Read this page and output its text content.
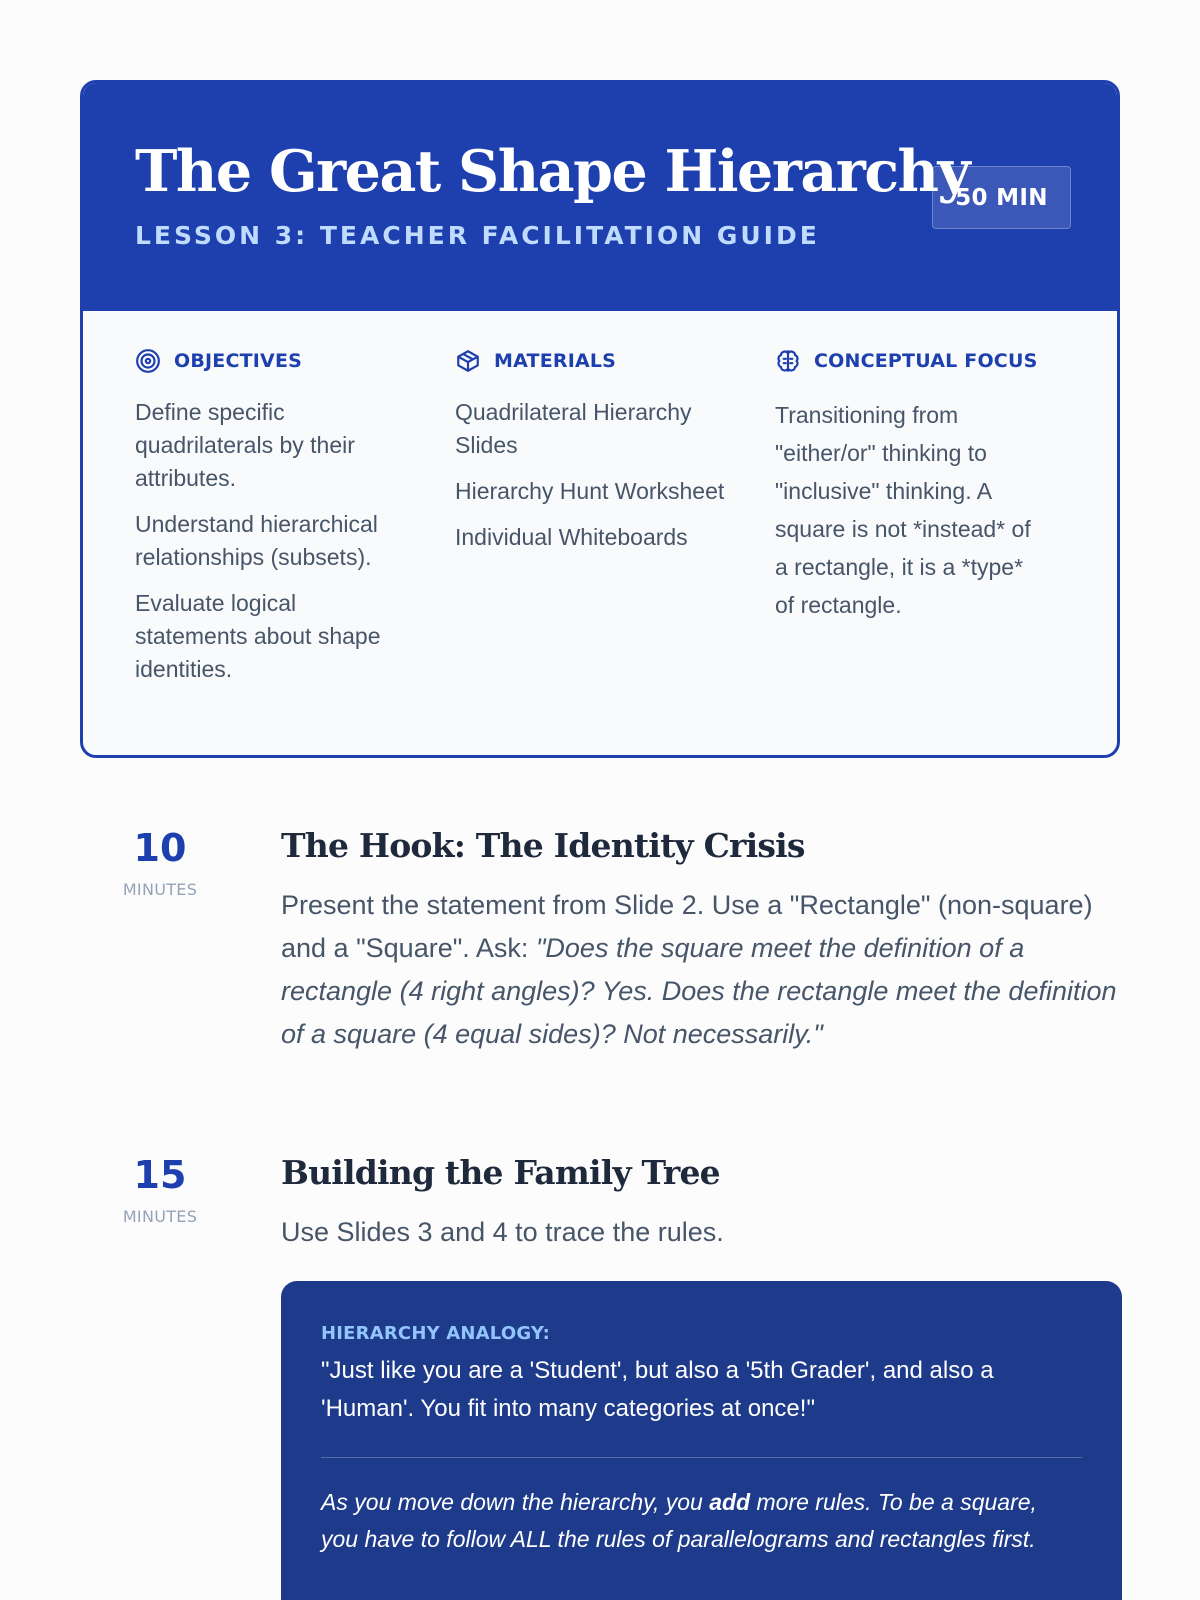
The Great Shape Hierarchy
LESSON 3: TEACHER FACILITATION GUIDE
50 MIN
OBJECTIVES
Define specific quadrilaterals by their attributes.
Understand hierarchical relationships (subsets).
Evaluate logical statements about shape identities.
MATERIALS
Quadrilateral Hierarchy Slides
Hierarchy Hunt Worksheet
Individual Whiteboards
CONCEPTUAL FOCUS

Transitioning from "either/or" thinking to "inclusive" thinking. A square is not *instead* of a rectangle, it is a *type* of rectangle.

10
MINUTES
The Hook: The Identity Crisis

Present the statement from Slide 2. Use a "Rectangle" (non-square) and a "Square". Ask: "Does the square meet the definition of a rectangle (4 right angles)? Yes. Does the rectangle meet the definition of a square (4 equal sides)? Not necessarily."

15
MINUTES
Building the Family Tree

Use Slides 3 and 4 to trace the rules.

HIERARCHY ANALOGY:

"Just like you are a 'Student', but also a '5th Grader', and also a 'Human'. You fit into many categories at once!"

As you move down the hierarchy, you add more rules. To be a square, you have to follow ALL the rules of parallelograms and rectangles first.
